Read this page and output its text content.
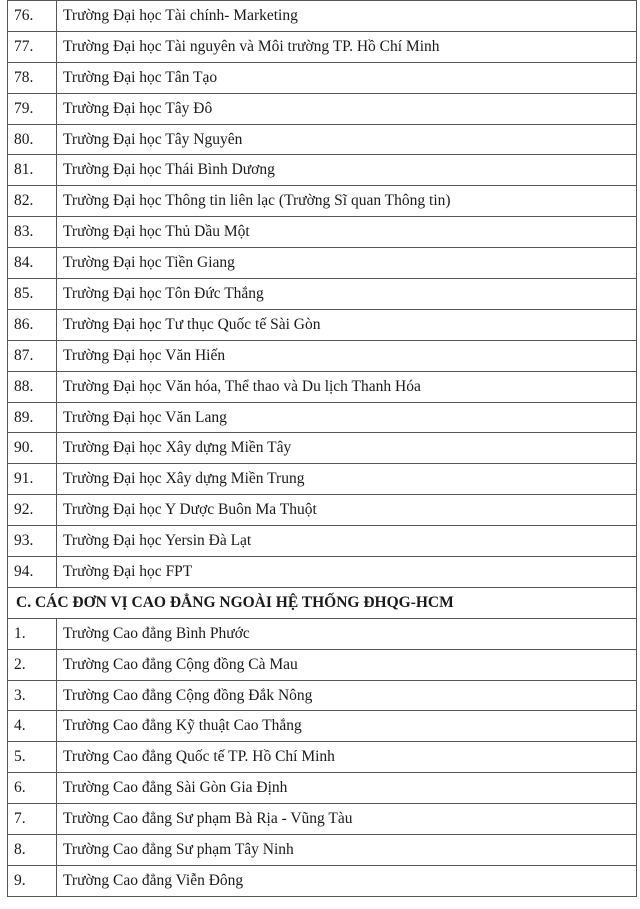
76.	Trường Đại học Tài chính- Marketing
77.	Trường Đại học Tài nguyên và Môi trường TP. Hồ Chí Minh
78.	Trường Đại học Tân Tạo
79.	Trường Đại học Tây Đô
80.	Trường Đại học Tây Nguyên
81.	Trường Đại học Thái Bình Dương
82.	Trường Đại học Thông tin liên lạc (Trường Sĩ quan Thông tin)
83.	Trường Đại học Thủ Dầu Một
84.	Trường Đại học Tiền Giang
85.	Trường Đại học Tôn Đức Thắng
86.	Trường Đại học Tư thục Quốc tế Sài Gòn
87.	Trường Đại học Văn Hiến
88.	Trường Đại học Văn hóa, Thể thao và Du lịch Thanh Hóa
89.	Trường Đại học Văn Lang
90.	Trường Đại học Xây dựng Miền Tây
91.	Trường Đại học Xây dựng Miền Trung
92.	Trường Đại học Y Dược Buôn Ma Thuột
93.	Trường Đại học Yersin Đà Lạt
94.	Trường Đại học FPT
C. CÁC ĐƠN VỊ CAO ĐẲNG NGOÀI HỆ THỐNG ĐHQG-HCM	
1.	Trường Cao đẳng Bình Phước
2.	Trường Cao đẳng Cộng đồng Cà Mau
3.	Trường Cao đẳng Cộng đồng Đắk Nông
4.	Trường Cao đẳng Kỹ thuật Cao Thắng
5.	Trường Cao đẳng Quốc tế TP. Hồ Chí Minh
6.	Trường Cao đẳng Sài Gòn Gia Định
7.	Trường Cao đẳng Sư phạm Bà Rịa - Vũng Tàu
8.	Trường Cao đẳng Sư phạm Tây Ninh
9.	Trường Cao đẳng Viễn Đông
